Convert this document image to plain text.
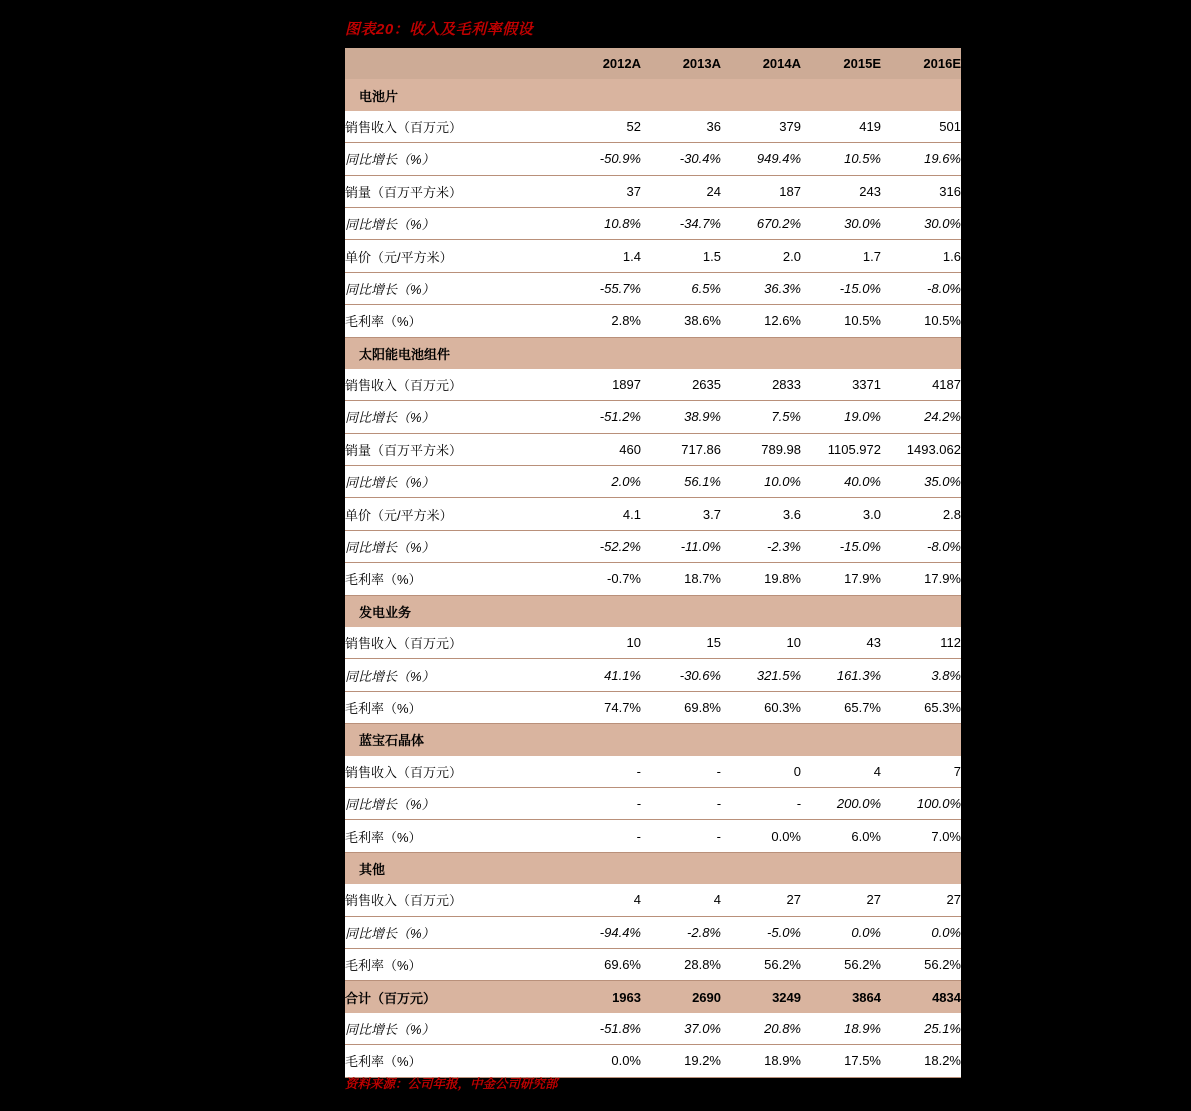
图表20：收入及毛利率假设
	2012A	2013A	2014A	2015E	2016E
电池片					
销售收入（百万元）	52	36	379	419	501

同比增长（%）	-50.9%	-30.4%	949.4%	10.5%	19.6%

销量（百万平方米）	37	24	187	243	316

同比增长（%）	10.8%	-34.7%	670.2%	30.0%	30.0%

单价（元/平方米）	1.4	1.5	2.0	1.7	1.6

同比增长（%）	-55.7%	6.5%	36.3%	-15.0%	-8.0%

毛利率（%）	2.8%	38.6%	12.6%	10.5%	10.5%

太阳能电池组件					
销售收入（百万元）	1897	2635	2833	3371	4187

同比增长（%）	-51.2%	38.9%	7.5%	19.0%	24.2%

销量（百万平方米）	460	717.86	789.98	1105.972	1493.062

同比增长（%）	2.0%	56.1%	10.0%	40.0%	35.0%

单价（元/平方米）	4.1	3.7	3.6	3.0	2.8

同比增长（%）	-52.2%	-11.0%	-2.3%	-15.0%	-8.0%

毛利率（%）	-0.7%	18.7%	19.8%	17.9%	17.9%

发电业务					
销售收入（百万元）	10	15	10	43	112

同比增长（%）	41.1%	-30.6%	321.5%	161.3%	3.8%

毛利率（%）	74.7%	69.8%	60.3%	65.7%	65.3%

蓝宝石晶体					
销售收入（百万元）	-	-	0	4	7

同比增长（%）	-	-	-	200.0%	100.0%

毛利率（%）	-	-	0.0%	6.0%	7.0%

其他					
销售收入（百万元）	4	4	27	27	27

同比增长（%）	-94.4%	-2.8%	-5.0%	0.0%	0.0%

毛利率（%）	69.6%	28.8%	56.2%	56.2%	56.2%

合计（百万元）	1963	2690	3249	3864	4834
同比增长（%）	-51.8%	37.0%	20.8%	18.9%	25.1%

毛利率（%）	0.0%	19.2%	18.9%	17.5%	18.2%

资料来源：公司年报，中金公司研究部
